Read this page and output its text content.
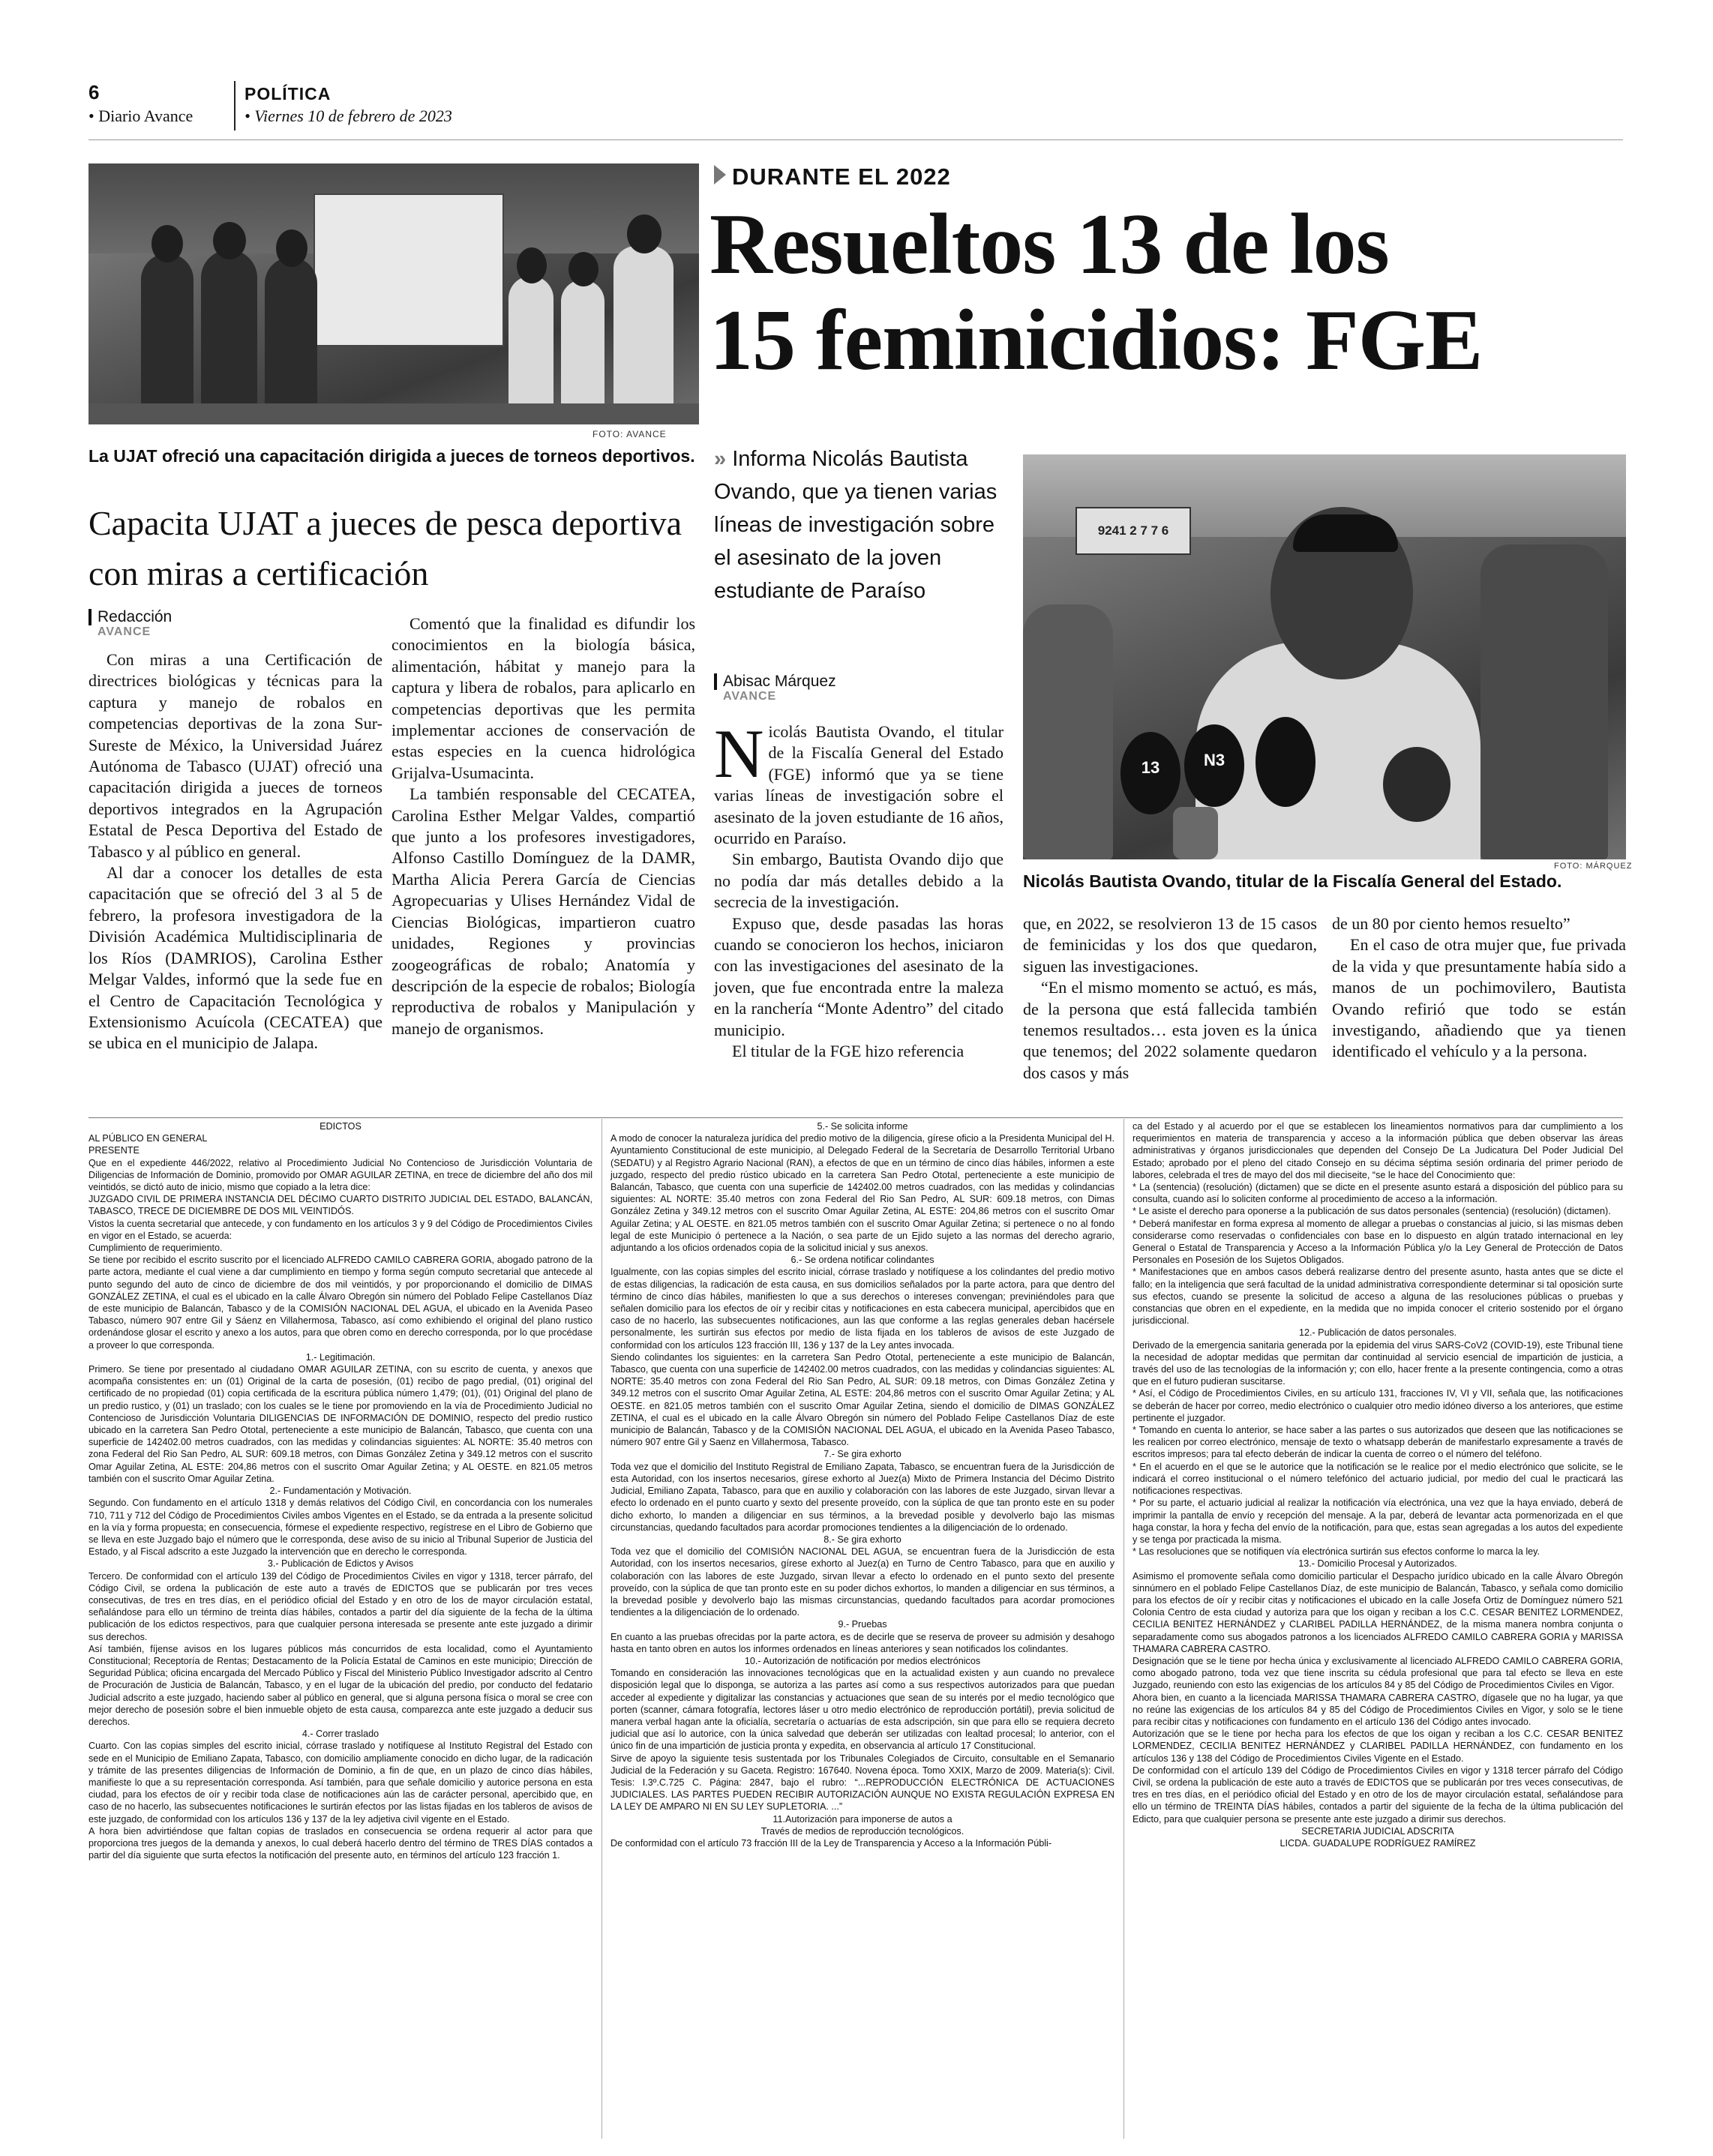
6
• Diario Avance
POLÍTICA
• Viernes 10 de febrero de 2023
FOTO: AVANCE
La UJAT ofreció una capacitación dirigida a jueces de torneos deportivos.
Capacita UJAT a jueces de pesca deportiva con miras a certificación
Redacción
AVANCE

Con miras a una Certificación de directrices biológicas y técnicas para la captura y manejo de robalos en competencias deportivas de la zona Sur-Sureste de México, la Universidad Juárez Autónoma de Tabasco (UJAT) ofreció una capacitación dirigida a jueces de torneos deportivos integrados en la Agrupación Estatal de Pesca Deportiva del Estado de Tabasco y al público en general.

Al dar a conocer los detalles de esta capacitación que se ofreció del 3 al 5 de febrero, la profesora investigadora de la División Académica Multidisciplinaria de los Ríos (DAMRIOS), Carolina Esther Melgar Valdes, informó que la sede fue en el Centro de Capacitación Tecnológica y Extensionismo Acuícola (CECATEA) que se ubica en el municipio de Jalapa.

Comentó que la finalidad es difundir los conocimientos en la biología básica, alimentación, hábitat y manejo para la captura y libera de robalos, para aplicarlo en competencias deportivas que les permita implementar acciones de conservación de estas especies en la cuenca hidrológica Grijalva-Usumacinta.

La también responsable del CECATEA, Carolina Esther Melgar Valdes, compartió que junto a los profesores investigadores, Alfonso Castillo Domínguez de la DAMR, Martha Alicia Perera García de Ciencias Agropecuarias y Ulises Hernández Vidal de Ciencias Biológicas, impartieron cuatro unidades, Regiones y provincias zoogeográficas de robalo; Anatomía y descripción de la especie de robalos; Biología reproductiva de robalos y Manipulación y manejo de organismos.

DURANTE EL 2022
Resueltos 13 de los
15 feminicidios: FGE
» Informa Nicolás Bautista Ovando, que ya tienen varias líneas de investigación sobre el asesinato de la joven estudiante de Paraíso
Abisac Márquez
AVANCE
9241 2 7 7 6
13	N3
FOTO: MÁRQUEZ
Nicolás Bautista Ovando, titular de la Fiscalía General del Estado.

Nicolás Bautista Ovando, el titular de la Fiscalía General del Estado (FGE) informó que ya se tiene varias líneas de investigación sobre el asesinato de la joven estudiante de 16 años, ocurrido en Paraíso.

Sin embargo, Bautista Ovando dijo que no podía dar más detalles debido a la secrecia de la investigación.

Expuso que, desde pasadas las horas cuando se conocieron los hechos, iniciaron con las investigaciones del asesinato de la joven, que fue encontrada entre la maleza en la ranchería “Monte Adentro” del citado municipio.

El titular de la FGE hizo referencia

que, en 2022, se resolvieron 13 de 15 casos de feminicidas y los dos que quedaron, siguen las investigaciones.

“En el mismo momento se actuó, es más, de la persona que está fallecida también tenemos resultados… esta joven es la única que tenemos; del 2022 solamente quedaron dos casos y más

de un 80 por ciento hemos resuelto”

En el caso de otra mujer que, fue privada de la vida y que presuntamente había sido a manos de un pochimovilero, Bautista Ovando refirió que todo se están investigando, añadiendo que ya tienen identificado el vehículo y a la persona.

EDICTOS

AL PÚBLICO EN GENERAL

PRESENTE

Que en el expediente 446/2022, relativo al Procedimiento Judicial No Contencioso de Jurisdicción Voluntaria de Diligencias de Información de Dominio, promovido por OMAR AGUILAR ZETINA, en trece de diciembre del año dos mil veintidós, se dictó auto de inicio, mismo que copiado a la letra dice:

JUZGADO CIVIL DE PRIMERA INSTANCIA DEL DÉCIMO CUARTO DISTRITO JUDICIAL DEL ESTADO, BALANCÁN, TABASCO, TRECE DE DICIEMBRE DE DOS MIL VEINTIDÓS.

Vistos la cuenta secretarial que antecede, y con fundamento en los artículos 3 y 9 del Código de Procedimientos Civiles en vigor en el Estado, se acuerda:

Cumplimiento de requerimiento.

Se tiene por recibido el escrito suscrito por el licenciado ALFREDO CAMILO CABRERA GORIA, abogado patrono de la parte actora, mediante el cual viene a dar cumplimiento en tiempo y forma según computo secretarial que antecede al punto segundo del auto de cinco de diciembre de dos mil veintidós, y por proporcionando el domicilio de DIMAS GONZÁLEZ ZETINA, el cual es el ubicado en la calle Álvaro Obregón sin número del Poblado Felipe Castellanos Díaz de este municipio de Balancán, Tabasco y de la COMISIÓN NACIONAL DEL AGUA, el ubicado en la Avenida Paseo Tabasco, número 907 entre Gil y Sáenz en Villahermosa, Tabasco, así como exhibiendo el original del plano rustico ordenándose glosar el escrito y anexo a los autos, para que obren como en derecho corresponda, por lo que procédase a proveer lo que corresponda.

1.- Legitimación.

Primero. Se tiene por presentado al ciudadano OMAR AGUILAR ZETINA, con su escrito de cuenta, y anexos que acompaña consistentes en: un (01) Original de la carta de posesión, (01) recibo de pago predial, (01) original del certificado de no propiedad (01) copia certificada de la escritura pública número 1,479; (01), (01) Original del plano de un predio rustico, y (01) un traslado; con los cuales se le tiene por promoviendo en la vía de Procedimiento Judicial no Contencioso de Jurisdicción Voluntaria DILIGENCIAS DE INFORMACIÓN DE DOMINIO, respecto del predio rustico ubicado en la carretera San Pedro Ototal, perteneciente a este municipio de Balancán, Tabasco, que cuenta con una superficie de 142402.00 metros cuadrados, con las medidas y colindancias siguientes: AL NORTE: 35.40 metros con zona Federal del Rio San Pedro, AL SUR: 609.18 metros, con Dimas González Zetina y 349.12 metros con el suscrito Omar Aguilar Zetina, AL ESTE: 204,86 metros con el suscrito Omar Aguilar Zetina; y AL OESTE. en 821.05 metros también con el suscrito Omar Aguilar Zetina.

2.- Fundamentación y Motivación.

Segundo. Con fundamento en el artículo 1318 y demás relativos del Código Civil, en concordancia con los numerales 710, 711 y 712 del Código de Procedimientos Civiles ambos Vigentes en el Estado, se da entrada a la presente solicitud en la vía y forma propuesta; en consecuencia, fórmese el expediente respectivo, regístrese en el Libro de Gobierno que se lleva en este Juzgado bajo el número que le corresponda, dese aviso de su inicio al Tribunal Superior de Justicia del Estado, y al Fiscal adscrito a este Juzgado la intervención que en derecho le corresponda.

3.- Publicación de Edictos y Avisos

Tercero. De conformidad con el artículo 139 del Código de Procedimientos Civiles en vigor y 1318, tercer párrafo, del Código Civil, se ordena la publicación de este auto a través de EDICTOS que se publicarán por tres veces consecutivas, de tres en tres días, en el periódico oficial del Estado y en otro de los de mayor circulación estatal, señalándose para ello un término de treinta días hábiles, contados a partir del día siguiente de la fecha de la última publicación de los edictos respectivos, para que cualquier persona interesada se presente ante este juzgado a dirimir sus derechos.

Así también, fíjense avisos en los lugares públicos más concurridos de esta localidad, como el Ayuntamiento Constitucional; Receptoría de Rentas; Destacamento de la Policía Estatal de Caminos en este municipio; Dirección de Seguridad Pública; oficina encargada del Mercado Público y Fiscal del Ministerio Público Investigador adscrito al Centro de Procuración de Justicia de Balancán, Tabasco, y en el lugar de la ubicación del predio, por conducto del fedatario Judicial adscrito a este juzgado, haciendo saber al público en general, que si alguna persona física o moral se cree con mejor derecho de posesión sobre el bien inmueble objeto de esta causa, comparezca ante este juzgado a deducir sus derechos.

4.- Correr traslado

Cuarto. Con las copias simples del escrito inicial, córrase traslado y notifíquese al Instituto Registral del Estado con sede en el Municipio de Emiliano Zapata, Tabasco, con domicilio ampliamente conocido en dicho lugar, de la radicación y trámite de las presentes diligencias de Información de Dominio, a fin de que, en un plazo de cinco días hábiles, manifieste lo que a su representación corresponda. Así también, para que señale domicilio y autorice persona en esta ciudad, para los efectos de oír y recibir toda clase de notificaciones aún las de carácter personal, apercibido que, en caso de no hacerlo, las subsecuentes notificaciones le surtirán efectos por las listas fijadas en los tableros de avisos de este juzgado, de conformidad con los artículos 136 y 137 de la ley adjetiva civil vigente en el Estado.

A hora bien advirtiéndose que faltan copias de traslados en consecuencia se ordena requerir al actor para que proporciona tres juegos de la demanda y anexos, lo cual deberá hacerlo dentro del término de TRES DÍAS contados a partir del día siguiente que surta efectos la notificación del presente auto, en términos del artículo 123 fracción 1.

5.- Se solicita informe

A modo de conocer la naturaleza jurídica del predio motivo de la diligencia, gírese oficio a la Presidenta Municipal del H. Ayuntamiento Constitucional de este municipio, al Delegado Federal de la Secretaría de Desarrollo Territorial Urbano (SEDATU) y al Registro Agrario Nacional (RAN), a efectos de que en un término de cinco días hábiles, informen a este juzgado, respecto del predio rústico ubicado en la carretera San Pedro Ototal, perteneciente a este municipio de Balancán, Tabasco, que cuenta con una superficie de 142402.00 metros cuadrados, con las medidas y colindancias siguientes: AL NORTE: 35.40 metros con zona Federal del Rio San Pedro, AL SUR: 609.18 metros, con Dimas González Zetina y 349.12 metros con el suscrito Omar Aguilar Zetina, AL ESTE: 204,86 metros con el suscrito Omar Aguilar Zetina; y AL OESTE. en 821.05 metros también con el suscrito Omar Aguilar Zetina; si pertenece o no al fondo legal de este Municipio ó pertenece a la Nación, o sea parte de un Ejido sujeto a las normas del derecho agrario, adjuntando a los oficios ordenados copia de la solicitud inicial y sus anexos.

6.- Se ordena notificar colindantes

Igualmente, con las copias simples del escrito inicial, córrase traslado y notifíquese a los colindantes del predio motivo de estas diligencias, la radicación de esta causa, en sus domicilios señalados por la parte actora, para que dentro del término de cinco días hábiles, manifiesten lo que a sus derechos o intereses convengan; previniéndoles para que señalen domicilio para los efectos de oír y recibir citas y notificaciones en esta cabecera municipal, apercibidos que en caso de no hacerlo, las subsecuentes notificaciones, aun las que conforme a las reglas generales deban hacérsele personalmente, les surtirán sus efectos por medio de lista fijada en los tableros de avisos de este Juzgado de conformidad con los artículos 123 fracción III, 136 y 137 de la Ley antes invocada.

Siendo colindantes los siguientes: en la carretera San Pedro Ototal, perteneciente a este municipio de Balancán, Tabasco, que cuenta con una superficie de 142402.00 metros cuadrados, con las medidas y colindancias siguientes: AL NORTE: 35.40 metros con zona Federal del Rio San Pedro, AL SUR: 09.18 metros, con Dimas González Zetina y 349.12 metros con el suscrito Omar Aguilar Zetina, AL ESTE: 204,86 metros con el suscrito Omar Aguilar Zetina; y AL OESTE. en 821.05 metros también con el suscrito Omar Aguilar Zetina, siendo el domicilio de DIMAS GONZÁLEZ ZETINA, el cual es el ubicado en la calle Álvaro Obregón sin número del Poblado Felipe Castellanos Díaz de este municipio de Balancán, Tabasco y de la COMISIÓN NACIONAL DEL AGUA, el ubicado en la Avenida Paseo Tabasco, número 907 entre Gil y Saenz en Villahermosa, Tabasco.

7.- Se gira exhorto

Toda vez que el domicilio del Instituto Registral de Emiliano Zapata, Tabasco, se encuentran fuera de la Jurisdicción de esta Autoridad, con los insertos necesarios, gírese exhorto al Juez(a) Mixto de Primera Instancia del Décimo Distrito Judicial, Emiliano Zapata, Tabasco, para que en auxilio y colaboración con las labores de este Juzgado, sirvan llevar a efecto lo ordenado en el punto cuarto y sexto del presente proveído, con la súplica de que tan pronto este en su poder dicho exhorto, lo manden a diligenciar en sus términos, a la brevedad posible y devolverlo bajo las mismas circunstancias, quedando facultados para acordar promociones tendientes a la diligenciación de lo ordenado.

8.- Se gira exhorto

Toda vez que el domicilio del COMISIÓN NACIONAL DEL AGUA, se encuentran fuera de la Jurisdicción de esta Autoridad, con los insertos necesarios, gírese exhorto al Juez(a) en Turno de Centro Tabasco, para que en auxilio y colaboración con las labores de este Juzgado, sirvan llevar a efecto lo ordenado en el punto sexto del presente proveído, con la súplica de que tan pronto este en su poder dichos exhortos, lo manden a diligenciar en sus términos, a la brevedad posible y devolverlo bajo las mismas circunstancias, quedando facultados para acordar promociones tendientes a la diligenciación de lo ordenado.

9.- Pruebas

En cuanto a las pruebas ofrecidas por la parte actora, es de decirle que se reserva de proveer su admisión y desahogo hasta en tanto obren en autos los informes ordenados en líneas anteriores y sean notificados los colindantes.

10.- Autorización de notificación por medios electrónicos

Tomando en consideración las innovaciones tecnológicas que en la actualidad existen y aun cuando no prevalece disposición legal que lo disponga, se autoriza a las partes así como a sus respectivos autorizados para que puedan acceder al expediente y digitalizar las constancias y actuaciones que sean de su interés por el medio tecnológico que porten (scanner, cámara fotografía, lectores láser u otro medio electrónico de reproducción portátil), previa solicitud de manera verbal hagan ante la oficialía, secretaría o actuarías de esta adscripción, sin que para ello se requiera decreto judicial que así lo autorice, con la única salvedad que deberán ser utilizadas con lealtad procesal; lo anterior, con el único fin de una impartición de justicia pronta y expedita, en observancia al artículo 17 Constitucional.

Sirve de apoyo la siguiente tesis sustentada por los Tribunales Colegiados de Circuito, consultable en el Semanario Judicial de la Federación y su Gaceta. Registro: 167640. Novena época. Tomo XXIX, Marzo de 2009. Materia(s): Civil. Tesis: I.3º.C.725 C. Página: 2847, bajo el rubro: “...REPRODUCCIÓN ELECTRÓNICA DE ACTUACIONES JUDICIALES. LAS PARTES PUEDEN RECIBIR AUTORIZACIÓN AUNQUE NO EXISTA REGULACIÓN EXPRESA EN LA LEY DE AMPARO NI EN SU LEY SUPLETORIA. ...”

11.Autorización para imponerse de autos a

Través de medios de reproducción tecnológicos.

De conformidad con el artículo 73 fracción III de la Ley de Transparencia y Acceso a la Información Públi-

ca del Estado y al acuerdo por el que se establecen los lineamientos normativos para dar cumplimiento a los requerimientos en materia de transparencia y acceso a la información pública que deben observar las áreas administrativas y órganos jurisdiccionales que dependen del Consejo De La Judicatura Del Poder Judicial Del Estado; aprobado por el pleno del citado Consejo en su décima séptima sesión ordinaria del primer periodo de labores, celebrada el tres de mayo del dos mil dieciseite, “se le hace del Conocimiento que:

* La (sentencia) (resolución) (dictamen) que se dicte en el presente asunto estará a disposición del público para su consulta, cuando así lo soliciten conforme al procedimiento de acceso a la información.

* Le asiste el derecho para oponerse a la publicación de sus datos personales (sentencia) (resolución) (dictamen).

* Deberá manifestar en forma expresa al momento de allegar a pruebas o constancias al juicio, si las mismas deben considerarse como reservadas o confidenciales con base en lo dispuesto en algún tratado internacional en ley General o Estatal de Transparencia y Acceso a la Información Pública y/o la Ley General de Protección de Datos Personales en Posesión de los Sujetos Obligados.

* Manifestaciones que en ambos casos deberá realizarse dentro del presente asunto, hasta antes que se dicte el fallo; en la inteligencia que será facultad de la unidad administrativa correspondiente determinar si tal oposición surte sus efectos, cuando se presente la solicitud de acceso a alguna de las resoluciones públicas o pruebas y constancias que obren en el expediente, en la medida que no impida conocer el criterio sostenido por el órgano jurisdiccional.

12.- Publicación de datos personales.

Derivado de la emergencia sanitaria generada por la epidemia del virus SARS-CoV2 (COVID-19), este Tribunal tiene la necesidad de adoptar medidas que permitan dar continuidad al servicio esencial de impartición de justicia, a través del uso de las tecnologías de la información y; con ello, hacer frente a la presente contingencia, como a otras que en el futuro pudieran suscitarse.

* Así, el Código de Procedimientos Civiles, en su artículo 131, fracciones IV, VI y VII, señala que, las notificaciones se deberán de hacer por correo, medio electrónico o cualquier otro medio idóneo diverso a los anteriores, que estime pertinente el juzgador.

* Tomando en cuenta lo anterior, se hace saber a las partes o sus autorizados que deseen que las notificaciones se les realicen por correo electrónico, mensaje de texto o whatsapp deberán de manifestarlo expresamente a través de escritos impresos; para tal efecto deberán de indicar la cuenta de correo o el número del teléfono.

* En el acuerdo en el que se le autorice que la notificación se le realice por el medio electrónico que solicite, se le indicará el correo institucional o el número telefónico del actuario judicial, por medio del cual le practicará las notificaciones respectivas.

* Por su parte, el actuario judicial al realizar la notificación vía electrónica, una vez que la haya enviado, deberá de imprimir la pantalla de envío y recepción del mensaje. A la par, deberá de levantar acta pormenorizada en el que haga constar, la hora y fecha del envío de la notificación, para que, estas sean agregadas a los autos del expediente y se tenga por practicada la misma.

* Las resoluciones que se notifiquen vía electrónica surtirán sus efectos conforme lo marca la ley.

13.- Domicilio Procesal y Autorizados.

Asimismo el promovente señala como domicilio particular el Despacho jurídico ubicado en la calle Álvaro Obregón sinnúmero en el poblado Felipe Castellanos Díaz, de este municipio de Balancán, Tabasco, y señala como domicilio para los efectos de oír y recibir citas y notificaciones el ubicado en la calle Josefa Ortiz de Domínguez número 521 Colonia Centro de esta ciudad y autoriza para que los oigan y reciban a los C.C. CESAR BENITEZ LORMENDEZ, CECILIA BENITEZ HERNÁNDEZ y CLARIBEL PADILLA HERNÁNDEZ, de la misma manera nombra conjunta o separadamente como sus abogados patronos a los licenciados ALFREDO CAMILO CABRERA GORIA y MARISSA THAMARA CABRERA CASTRO.

Designación que se le tiene por hecha única y exclusivamente al licenciado ALFREDO CAMILO CABRERA GORIA, como abogado patrono, toda vez que tiene inscrita su cédula profesional que para tal efecto se lleva en este Juzgado, reuniendo con esto las exigencias de los artículos 84 y 85 del Código de Procedimientos Civiles en Vigor.

Ahora bien, en cuanto a la licenciada MARISSA THAMARA CABRERA CASTRO, dígasele que no ha lugar, ya que no reúne las exigencias de los artículos 84 y 85 del Código de Procedimientos Civiles en Vigor, y solo se le tiene para recibir citas y notificaciones con fundamento en el artículo 136 del Código antes invocado.

Autorización que se le tiene por hecha para los efectos de que los oigan y reciban a los C.C. CESAR BENITEZ LORMENDEZ, CECILIA BENITEZ HERNÁNDEZ y CLARIBEL PADILLA HERNÁNDEZ, con fundamento en los artículos 136 y 138 del Código de Procedimientos Civiles Vigente en el Estado.

De conformidad con el artículo 139 del Código de Procedimientos Civiles en vigor y 1318 tercer párrafo del Código Civil, se ordena la publicación de este auto a través de EDICTOS que se publicarán por tres veces consecutivas, de tres en tres días, en el periódico oficial del Estado y en otro de los de mayor circulación estatal, señalándose para ello un término de TREINTA DÍAS hábiles, contados a partir del siguiente de la fecha de la última publicación del Edicto, para que cualquier persona se presente ante este juzgado a dirimir sus derechos.

SECRETARIA JUDICIAL ADSCRITA

LICDA. GUADALUPE RODRÍGUEZ RAMÍREZ
